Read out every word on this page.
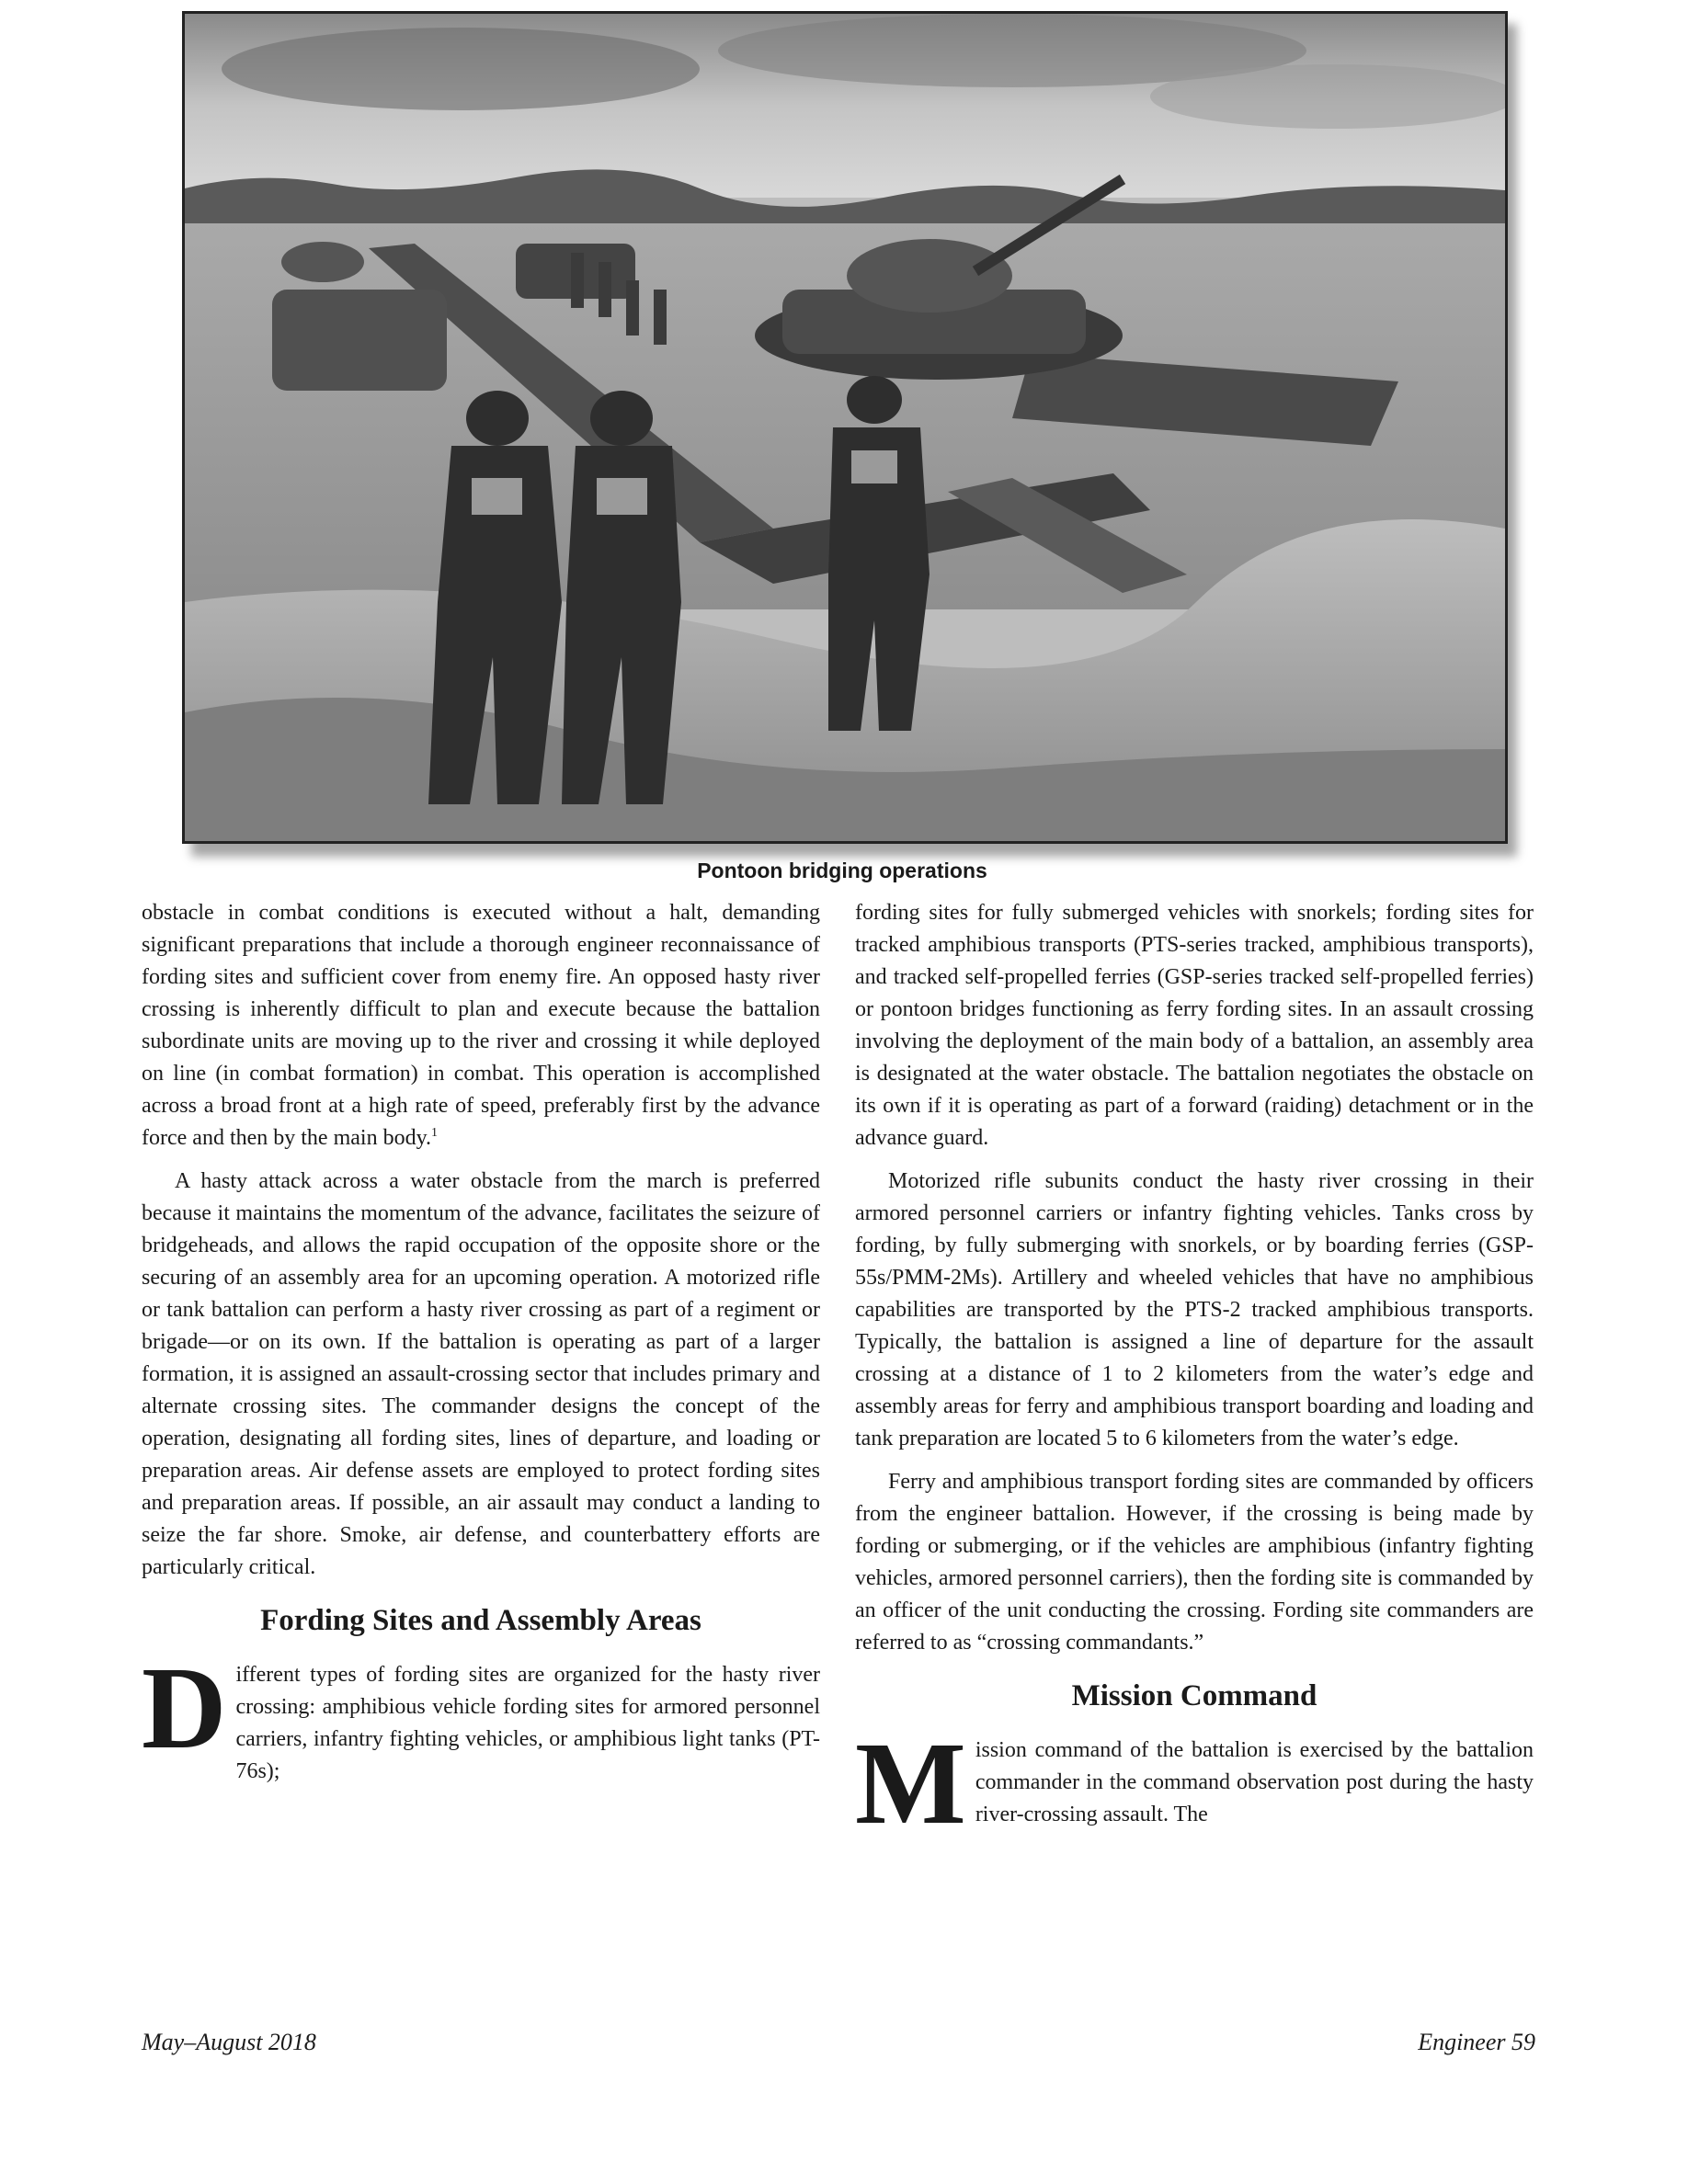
Pontoon bridging operations

obstacle in combat conditions is executed without a halt, demanding significant preparations that include a thorough engineer reconnaissance of fording sites and sufficient cover from enemy fire. An opposed hasty river crossing is inherently difficult to plan and execute because the battalion subordinate units are moving up to the river and crossing it while deployed on line (in combat formation) in combat. This operation is accomplished across a broad front at a high rate of speed, preferably first by the advance force and then by the main body.$^1$

A hasty attack across a water obstacle from the march is preferred because it maintains the momentum of the advance, facilitates the seizure of bridgeheads, and allows the rapid occupation of the opposite shore or the securing of an assembly area for an upcoming operation. A motorized rifle or tank battalion can perform a hasty river crossing as part of a regiment or brigade—or on its own. If the battalion is operating as part of a larger formation, it is assigned an assault-crossing sector that includes primary and alternate crossing sites. The commander designs the concept of the operation, designating all fording sites, lines of departure, and loading or preparation areas. Air defense assets are employed to protect fording sites and preparation areas. If possible, an air assault may conduct a landing to seize the far shore. Smoke, air defense, and counterbattery efforts are particularly critical.

Fording Sites and Assembly Areas

Different types of fording sites are organized for the hasty river crossing: amphibious vehicle fording sites for armored personnel carriers, infantry fighting vehicles, or amphibious light tanks (PT-76s);

fording sites for fully submerged vehicles with snorkels; fording sites for tracked amphibious transports (PTS-series tracked, amphibious transports), and tracked self-propelled ferries (GSP-series tracked self-propelled ferries) or pontoon bridges functioning as ferry fording sites. In an assault crossing involving the deployment of the main body of a battalion, an assembly area is designated at the water obstacle. The battalion negotiates the obstacle on its own if it is operating as part of a forward (raiding) detachment or in the advance guard.

Motorized rifle subunits conduct the hasty river crossing in their armored personnel carriers or infantry fighting vehicles. Tanks cross by fording, by fully submerging with snorkels, or by boarding ferries (GSP-55s/PMM-2Ms). Artillery and wheeled vehicles that have no amphibious capabilities are transported by the PTS-2 tracked amphibious transports. Typically, the battalion is assigned a line of departure for the assault crossing at a distance of 1 to 2 kilometers from the water’s edge and assembly areas for ferry and amphibious transport boarding and loading and tank preparation are located 5 to 6 kilometers from the water’s edge.

Ferry and amphibious transport fording sites are commanded by officers from the engineer battalion. However, if the crossing is being made by fording or submerging, or if the vehicles are amphibious (infantry fighting vehicles, armored personnel carriers), then the fording site is commanded by an officer of the unit conducting the crossing. Fording site commanders are referred to as “crossing commandants.”

Mission Command

Mission command of the battalion is exercised by the battalion commander in the command observation post during the hasty river-crossing assault. The

May–August 2018	Engineer 59
